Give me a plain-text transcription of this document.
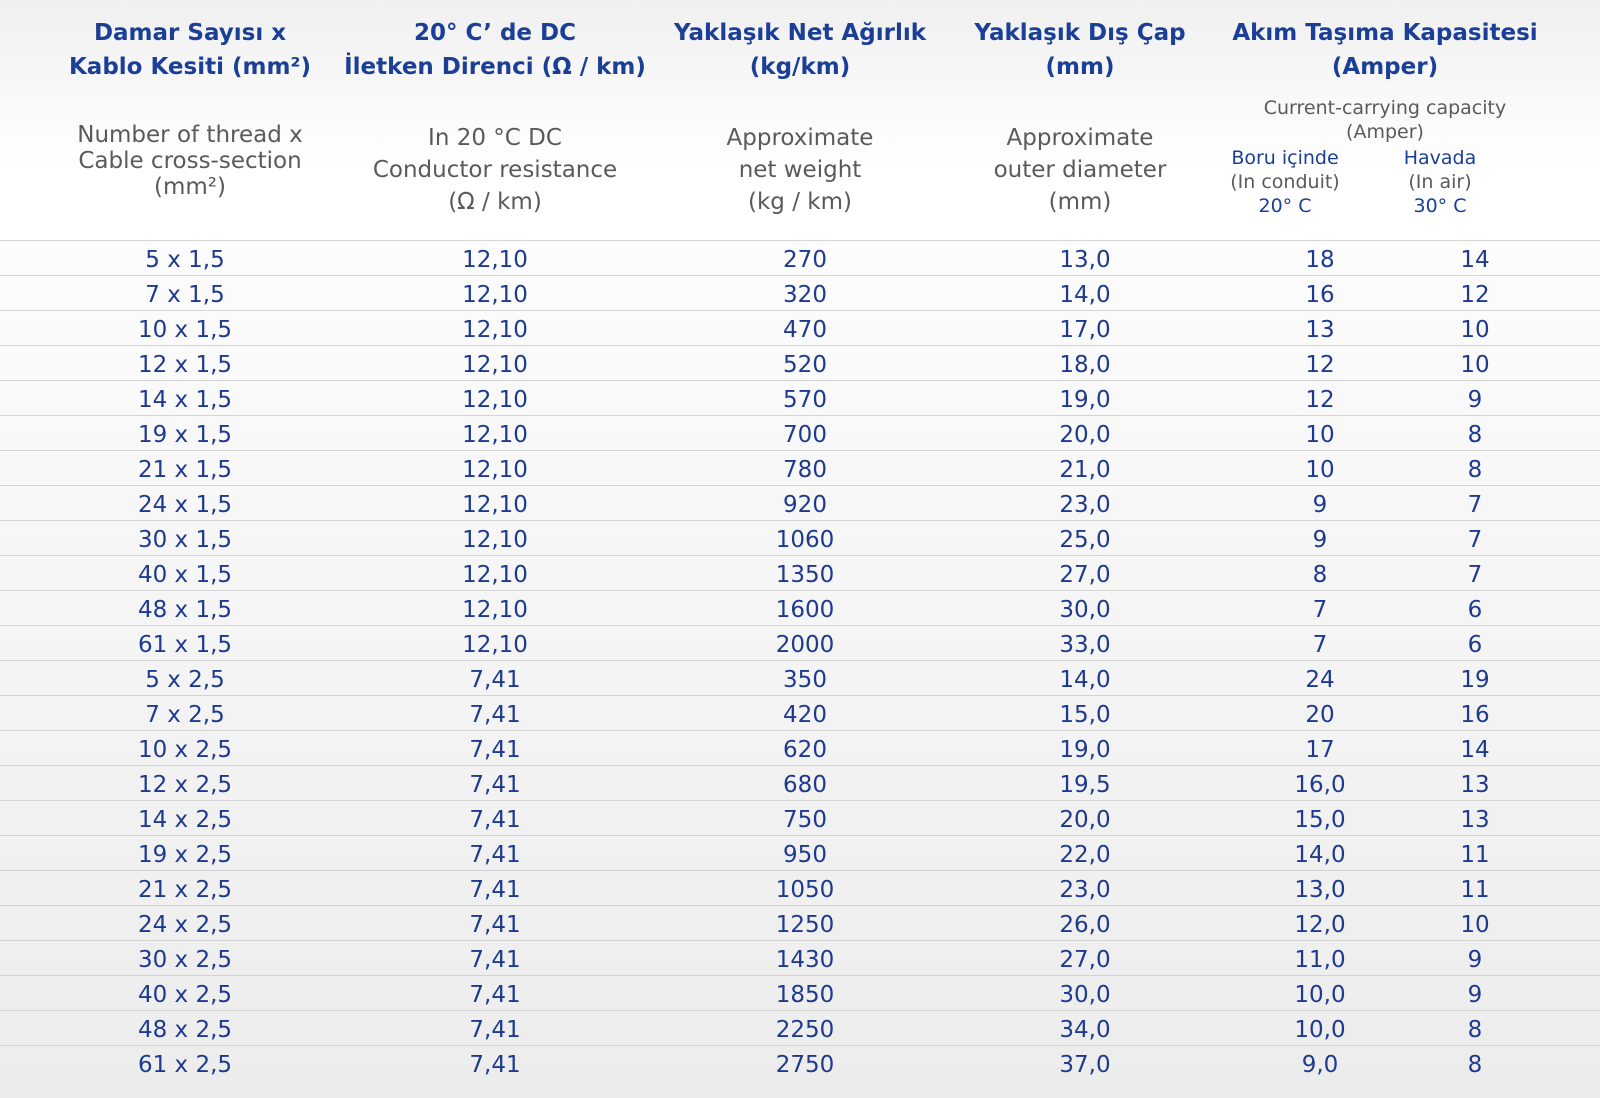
Damar Sayısı x
Kablo Kesiti (mm²)
Number of thread x
Cable cross-section
(mm²)
20° C’ de DC
İletken Direnci (Ω / km)
In 20 °C DC
Conductor resistance
(Ω / km)
Yaklaşık Net Ağırlık
(kg/km)
Approximate
net weight
(kg / km)
Yaklaşık Dış Çap
(mm)
Approximate
outer diameter
(mm)
Akım Taşıma Kapasitesi
(Amper)
Current-carrying capacity
(Amper)
Boru içinde
(In conduit)
20° C
Havada
(In air)
30° C
5 x 1,5	12,10	270	13,0	18	14
7 x 1,5	12,10	320	14,0	16	12
10 x 1,5	12,10	470	17,0	13	10
12 x 1,5	12,10	520	18,0	12	10
14 x 1,5	12,10	570	19,0	12	9
19 x 1,5	12,10	700	20,0	10	8
21 x 1,5	12,10	780	21,0	10	8
24 x 1,5	12,10	920	23,0	9	7
30 x 1,5	12,10	1060	25,0	9	7
40 x 1,5	12,10	1350	27,0	8	7
48 x 1,5	12,10	1600	30,0	7	6
61 x 1,5	12,10	2000	33,0	7	6
5 x 2,5	7,41	350	14,0	24	19
7 x 2,5	7,41	420	15,0	20	16
10 x 2,5	7,41	620	19,0	17	14
12 x 2,5	7,41	680	19,5	16,0	13
14 x 2,5	7,41	750	20,0	15,0	13
19 x 2,5	7,41	950	22,0	14,0	11
21 x 2,5	7,41	1050	23,0	13,0	11
24 x 2,5	7,41	1250	26,0	12,0	10
30 x 2,5	7,41	1430	27,0	11,0	9
40 x 2,5	7,41	1850	30,0	10,0	9
48 x 2,5	7,41	2250	34,0	10,0	8
61 x 2,5	7,41	2750	37,0	9,0	8
